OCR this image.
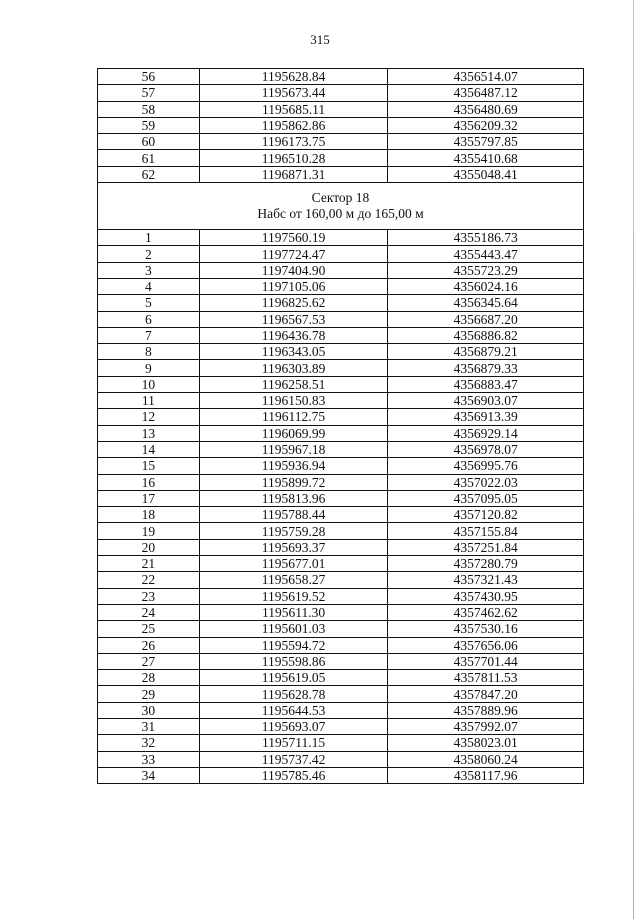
315
56	1195628.84	4356514.07
57	1195673.44	4356487.12
58	1195685.11	4356480.69
59	1195862.86	4356209.32
60	1196173.75	4355797.85
61	1196510.28	4355410.68
62	1196871.31	4355048.41

Сектор 18
Набс от 160,00 м до 165,00 м		

1	1197560.19	4355186.73
2	1197724.47	4355443.47
3	1197404.90	4355723.29
4	1197105.06	4356024.16
5	1196825.62	4356345.64
6	1196567.53	4356687.20
7	1196436.78	4356886.82
8	1196343.05	4356879.21
9	1196303.89	4356879.33
10	1196258.51	4356883.47
11	1196150.83	4356903.07
12	1196112.75	4356913.39
13	1196069.99	4356929.14
14	1195967.18	4356978.07
15	1195936.94	4356995.76
16	1195899.72	4357022.03
17	1195813.96	4357095.05
18	1195788.44	4357120.82
19	1195759.28	4357155.84
20	1195693.37	4357251.84
21	1195677.01	4357280.79
22	1195658.27	4357321.43
23	1195619.52	4357430.95
24	1195611.30	4357462.62
25	1195601.03	4357530.16
26	1195594.72	4357656.06
27	1195598.86	4357701.44
28	1195619.05	4357811.53
29	1195628.78	4357847.20
30	1195644.53	4357889.96
31	1195693.07	4357992.07
32	1195711.15	4358023.01
33	1195737.42	4358060.24
34	1195785.46	4358117.96
